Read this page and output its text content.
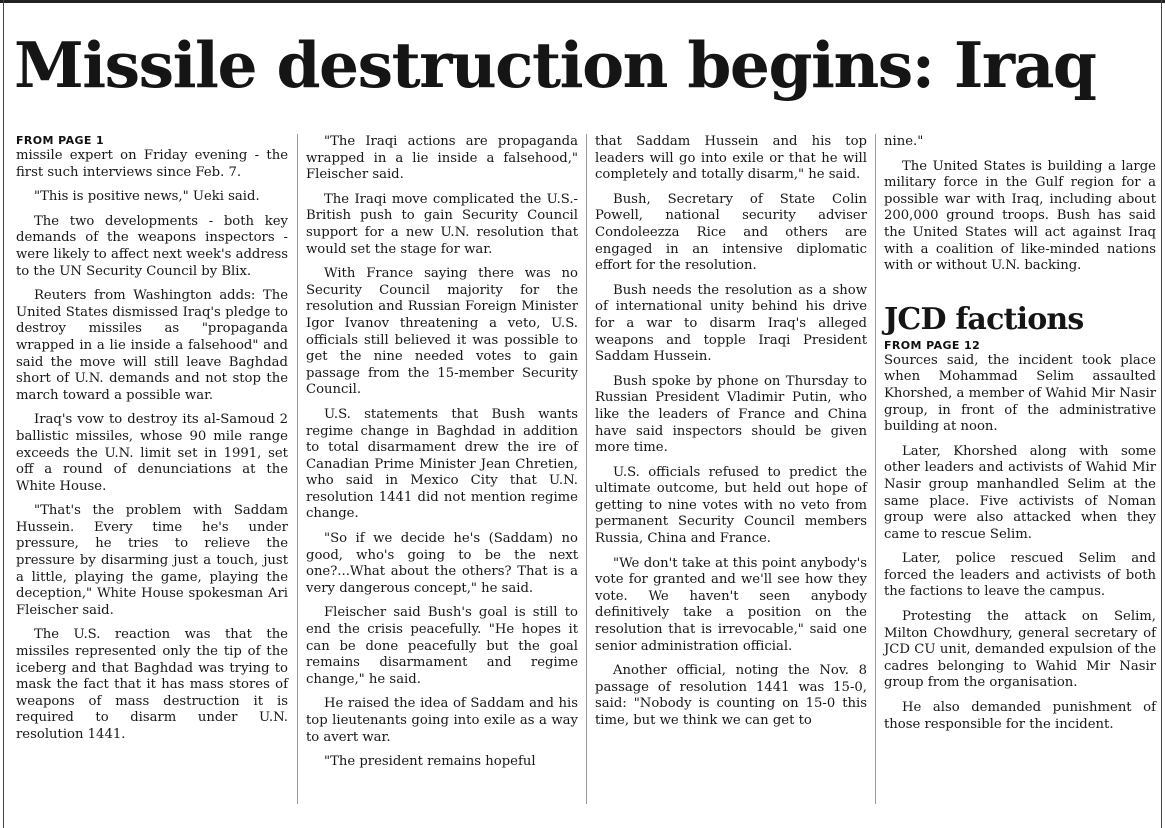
Missile destruction begins: Iraq
FROM PAGE 1

missile expert on Friday evening - the first such interviews since Feb. 7.

"This is positive news," Ueki said.

The two developments - both key demands of the weapons inspectors - were likely to affect next week's address to the UN Security Council by Blix.

Reuters from Washington adds: The United States dismissed Iraq's pledge to destroy missiles as "propaganda wrapped in a lie inside a falsehood" and said the move will still leave Baghdad short of U.N. demands and not stop the march toward a possible war.

Iraq's vow to destroy its al-Samoud 2 ballistic missiles, whose 90 mile range exceeds the U.N. limit set in 1991, set off a round of denunciations at the White House.

"That's the problem with Saddam Hussein. Every time he's under pressure, he tries to relieve the pressure by disarming just a touch, just a little, playing the game, playing the deception," White House spokesman Ari Fleischer said.

The U.S. reaction was that the missiles represented only the tip of the iceberg and that Baghdad was trying to mask the fact that it has mass stores of weapons of mass destruction it is required to disarm under U.N. resolution 1441.

"The Iraqi actions are propaganda wrapped in a lie inside a falsehood," Fleischer said.

The Iraqi move complicated the U.S.-British push to gain Security Council support for a new U.N. resolution that would set the stage for war.

With France saying there was no Security Council majority for the resolution and Russian Foreign Minister Igor Ivanov threatening a veto, U.S. officials still believed it was possible to get the nine needed votes to gain passage from the 15-member Security Council.

U.S. statements that Bush wants regime change in Baghdad in addition to total disarmament drew the ire of Canadian Prime Minister Jean Chretien, who said in Mexico City that U.N. resolution 1441 did not mention regime change.

"So if we decide he's (Saddam) no good, who's going to be the next one?...What about the others? That is a very dangerous concept," he said.

Fleischer said Bush's goal is still to end the crisis peacefully. "He hopes it can be done peacefully but the goal remains disarmament and regime change," he said.

He raised the idea of Saddam and his top lieutenants going into exile as a way to avert war.

"The president remains hopeful

that Saddam Hussein and his top leaders will go into exile or that he will completely and totally disarm," he said.

Bush, Secretary of State Colin Powell, national security adviser Condoleezza Rice and others are engaged in an intensive diplomatic effort for the resolution.

Bush needs the resolution as a show of international unity behind his drive for a war to disarm Iraq's alleged weapons and topple Iraqi President Saddam Hussein.

Bush spoke by phone on Thursday to Russian President Vladimir Putin, who like the leaders of France and China have said inspectors should be given more time.

U.S. officials refused to predict the ultimate outcome, but held out hope of getting to nine votes with no veto from permanent Security Council members Russia, China and France.

"We don't take at this point anybody's vote for granted and we'll see how they vote. We haven't seen anybody definitively take a position on the resolution that is irrevocable," said one senior administration official.

Another official, noting the Nov. 8 passage of resolution 1441 was 15-0, said: "Nobody is counting on 15-0 this time, but we think we can get to

nine."

The United States is building a large military force in the Gulf region for a possible war with Iraq, including about 200,000 ground troops. Bush has said the United States will act against Iraq with a coalition of like-minded nations with or without U.N. backing.

JCD factions
FROM PAGE 12

Sources said, the incident took place when Mohammad Selim assaulted Khorshed, a member of Wahid Mir Nasir group, in front of the administrative building at noon.

Later, Khorshed along with some other leaders and activists of Wahid Mir Nasir group manhandled Selim at the same place. Five activists of Noman group were also attacked when they came to rescue Selim.

Later, police rescued Selim and forced the leaders and activists of both the factions to leave the campus.

Protesting the attack on Selim, Milton Chowdhury, general secretary of JCD CU unit, demanded expulsion of the cadres belonging to Wahid Mir Nasir group from the organisation.

He also demanded punishment of those responsible for the incident.
